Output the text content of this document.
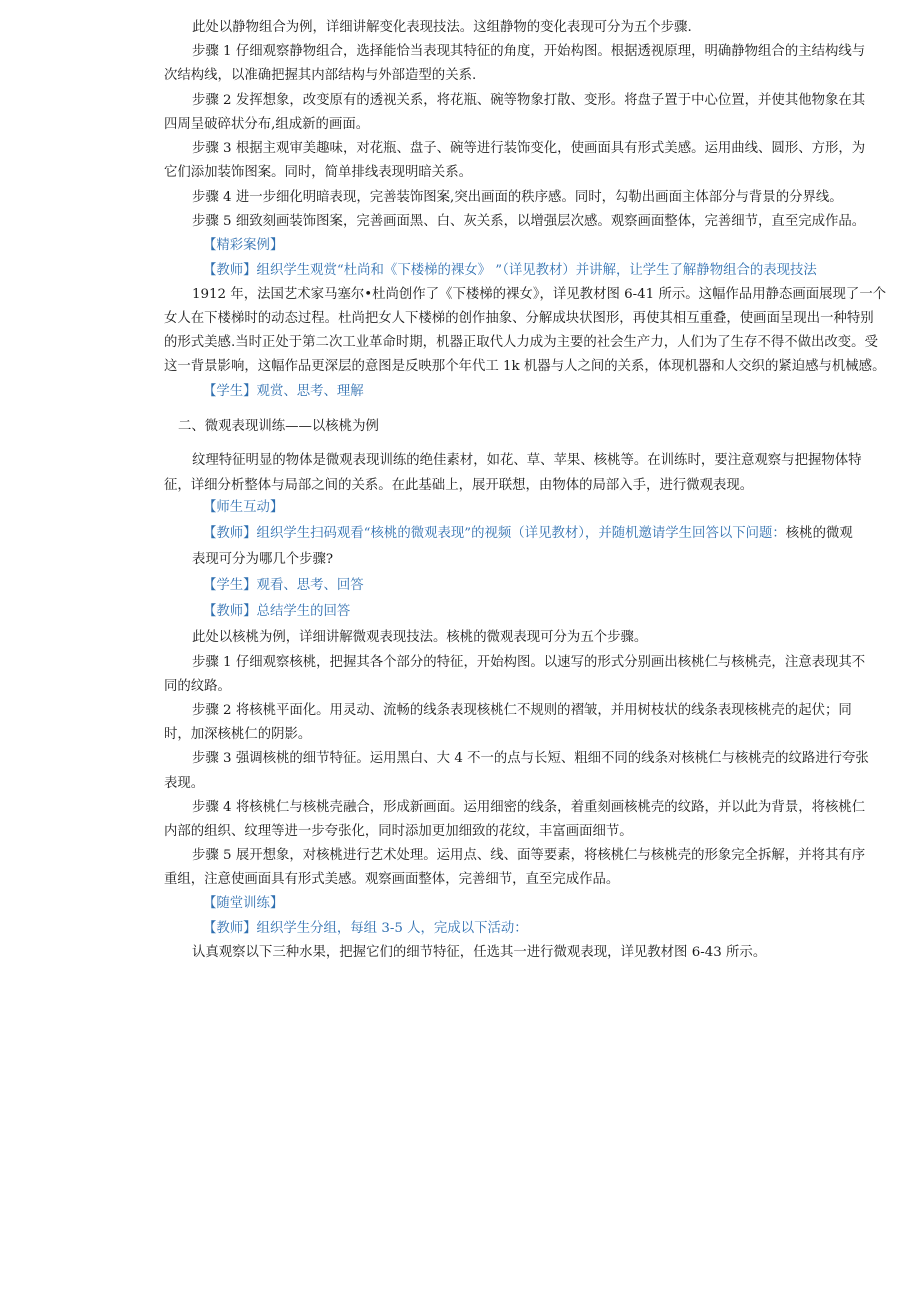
此处以静物组合为例，详细讲解变化表现技法。这组静物的变化表现可分为五个步骤.
步骤 1 仔细观察静物组合，选择能恰当表现其特征的角度，开始构图。根据透视原理，明确静物组合的主结构线与
次结构线，以准确把握其内部结构与外部造型的关系.
步骤 2 发挥想象，改变原有的透视关系，将花瓶、碗等物象打散、变形。将盘子置于中心位置，并使其他物象在其
四周呈破碎状分布,组成新的画面。
步骤 3 根据主观审美趣味，对花瓶、盘子、碗等进行装饰变化，使画面具有形式美感。运用曲线、圆形、方形，为
它们添加装饰图案。同时，简单排线表现明暗关系。
步骤 4 进一步细化明暗表现，完善装饰图案,突出画面的秩序感。同时，勾勒出画面主体部分与背景的分界线。
步骤 5 细致刻画装饰图案，完善画面黑、白、灰关系，以增强层次感。观察画面整体，完善细节，直至完成作品。
【精彩案例】
【教师】组织学生观赏“杜尚和《下楼梯的裸女》 ”（详见教材）并讲解，让学生了解静物组合的表现技法
1912 年，法国艺术家马塞尔•杜尚创作了《下楼梯的裸女》，详见教材图 6-41 所示。这幅作品用静态画面展现了一个
女人在下楼梯时的动态过程。杜尚把女人下楼梯的创作抽象、分解成块状图形，再使其相互重叠，使画面呈现出一种特别
的形式美感.当时正处于第二次工业革命时期，机器正取代人力成为主要的社会生产力，人们为了生存不得不做出改变。受
这一背景影响，这幅作品更深层的意图是反映那个年代工 1k 机器与人之间的关系，体现机器和人交织的紧迫感与机械感。
【学生】观赏、思考、理解
二、微观表现训练——以核桃为例
纹理特征明显的物体是微观表现训练的绝佳素材，如花、草、苹果、核桃等。在训练时，要注意观察与把握物体特
征，详细分析整体与局部之间的关系。在此基础上，展开联想，由物体的局部入手，进行微观表现。
【师生互动】
【教师】组织学生扫码观看“核桃的微观表现”的视频（详见教材），并随机邀请学生回答以下问题：核桃的微观
表现可分为哪几个步骤?
【学生】观看、思考、回答
【教师】总结学生的回答
此处以核桃为例，详细讲解微观表现技法。核桃的微观表现可分为五个步骤。
步骤 1 仔细观察核桃，把握其各个部分的特征，开始构图。以速写的形式分别画出核桃仁与核桃壳，注意表现其不
同的纹路。
步骤 2 将核桃平面化。用灵动、流畅的线条表现核桃仁不规则的褶皱，并用树枝状的线条表现核桃壳的起伏；同
时，加深核桃仁的阴影。
步骤 3 强调核桃的细节特征。运用黑白、大 4 不一的点与长短、粗细不同的线条对核桃仁与核桃壳的纹路进行夸张
表现。
步骤 4 将核桃仁与核桃壳融合，形成新画面。运用细密的线条，着重刻画核桃壳的纹路，并以此为背景，将核桃仁
内部的组织、纹理等进一步夸张化，同时添加更加细致的花纹，丰富画面细节。
步骤 5 展开想象，对核桃进行艺术处理。运用点、线、面等要素，将核桃仁与核桃壳的形象完全拆解，并将其有序
重组，注意使画面具有形式美感。观察画面整体，完善细节，直至完成作品。
【随堂训练】
【教师】组织学生分组，每组 3-5 人，完成以下活动：
认真观察以下三种水果，把握它们的细节特征，任选其一进行微观表现，详见教材图 6-43 所示。
